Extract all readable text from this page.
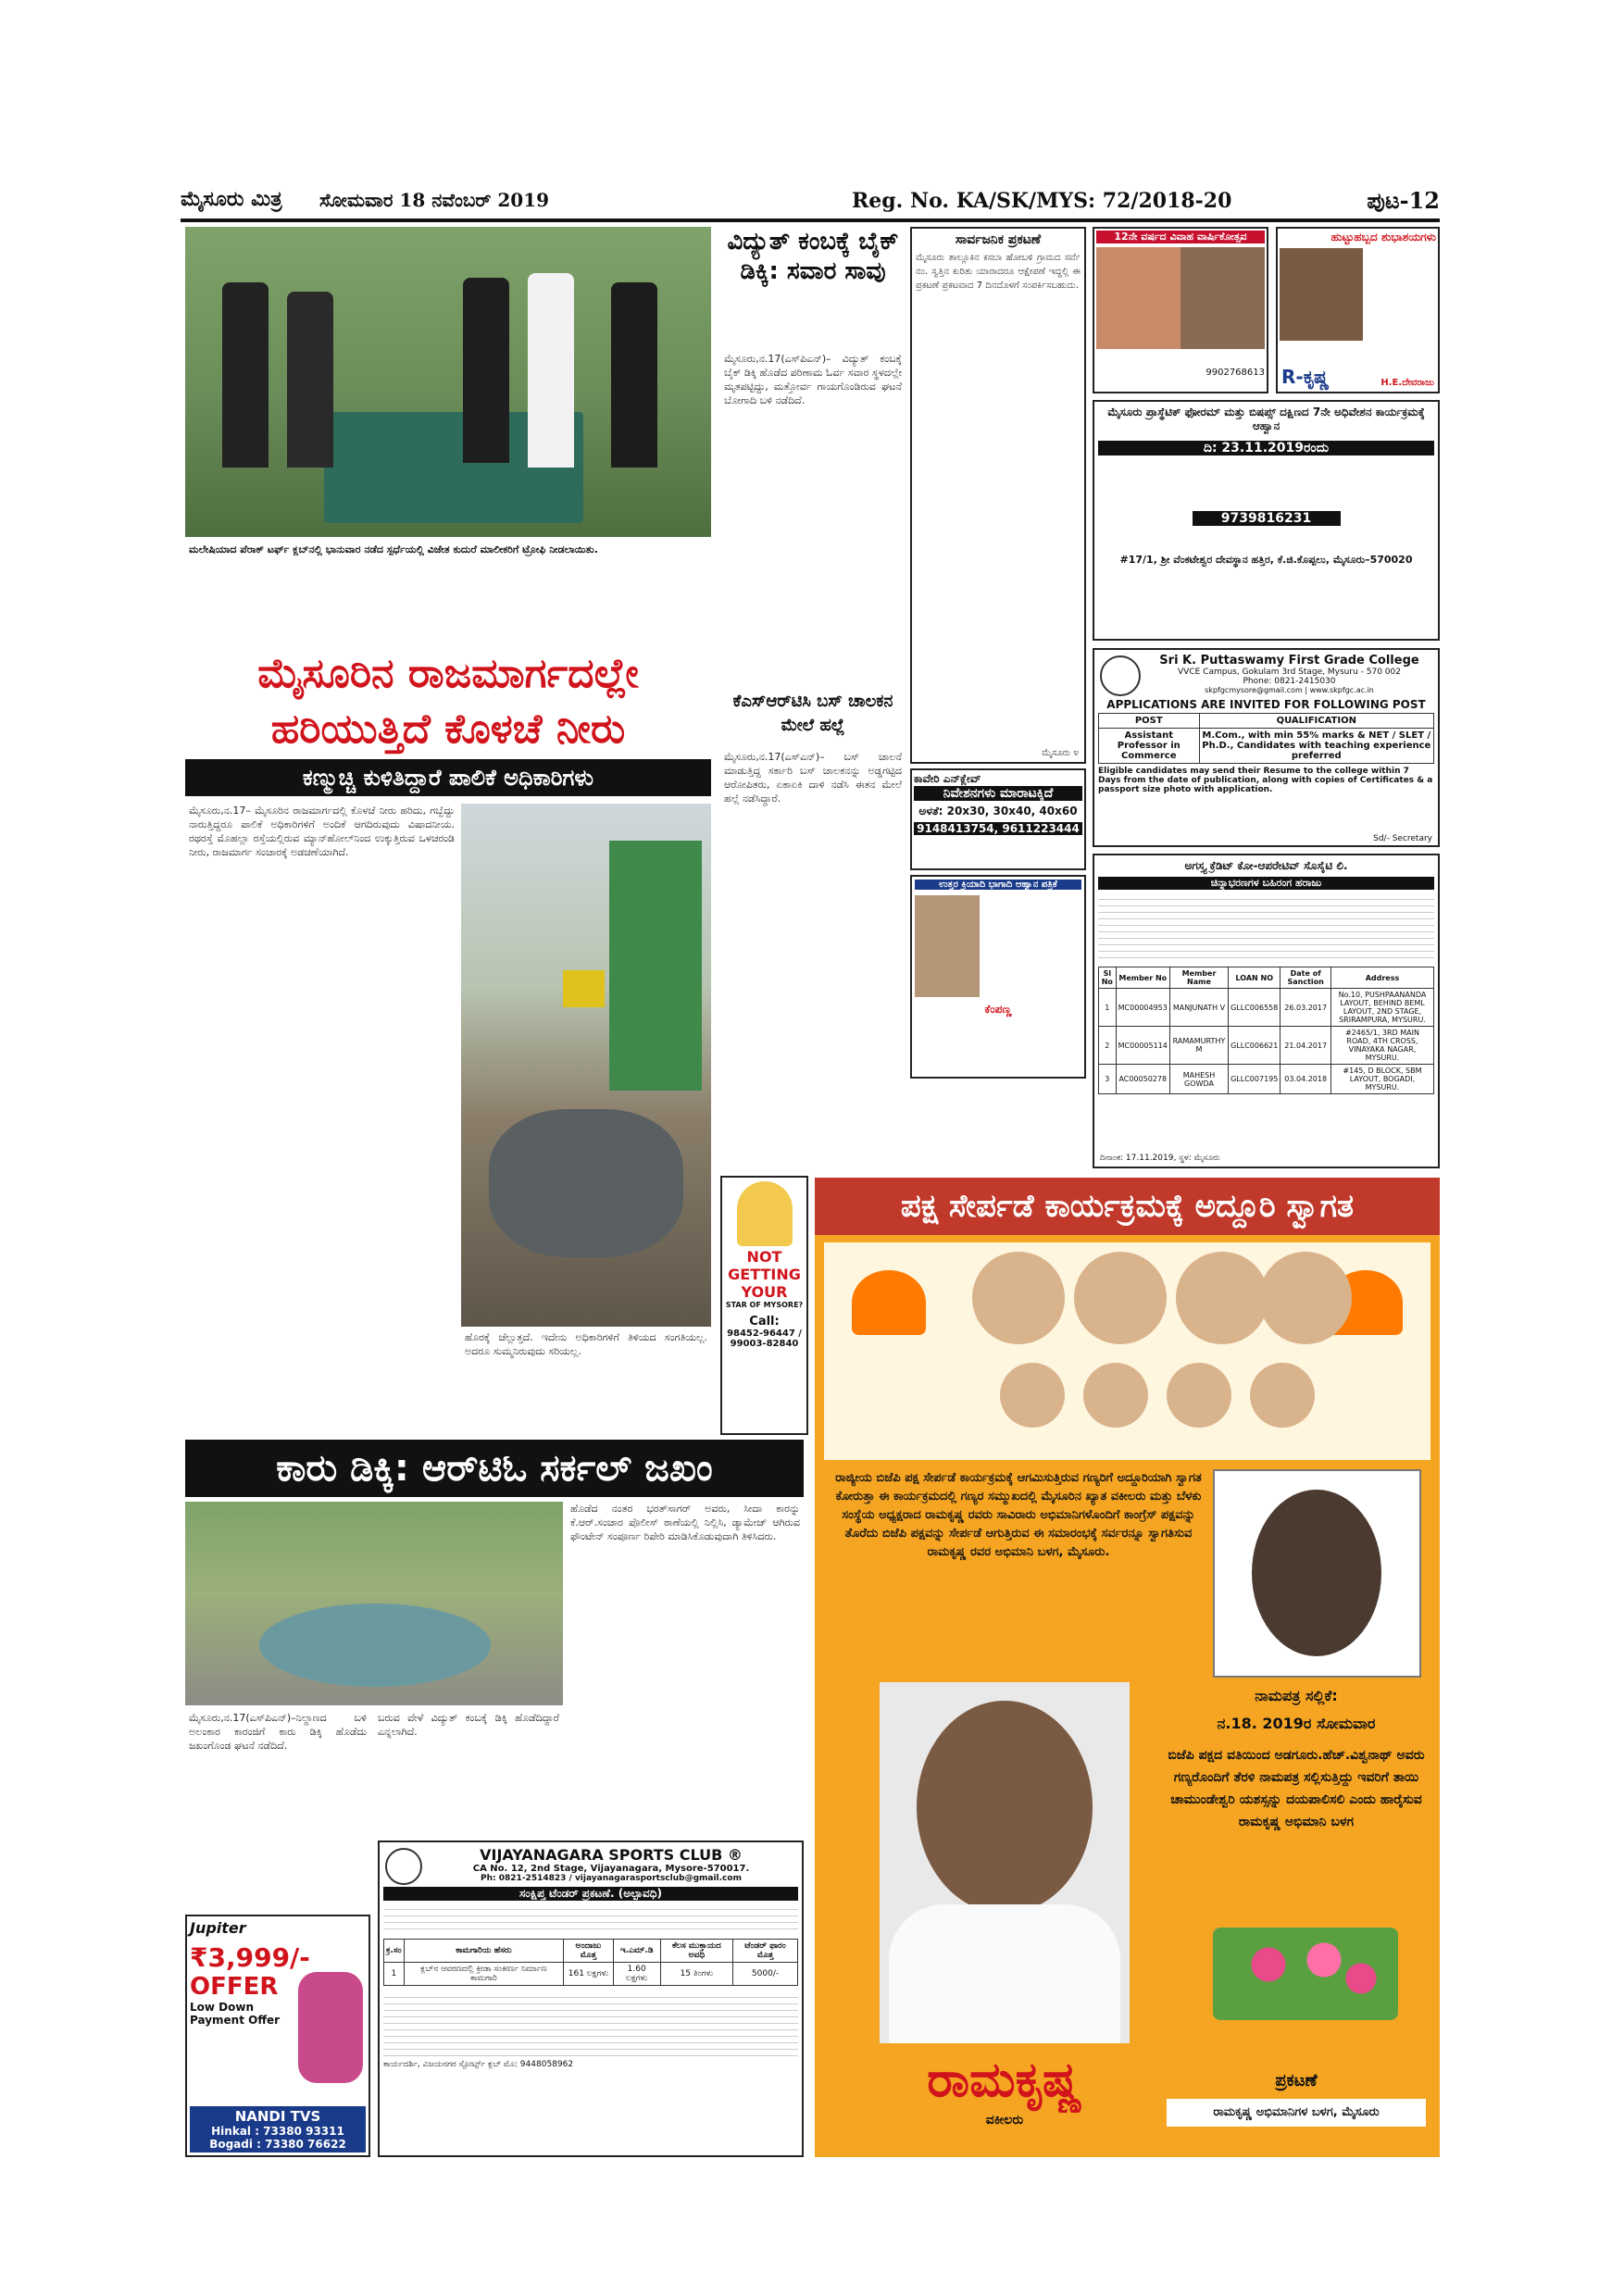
ಮೈಸೂರು ಮಿತ್ರ ಸೋಮವಾರ 18 ನವೆಂಬರ್ 2019	Reg. No. KA/SK/MYS: 72/2018-20	ಪುಟ-12
ಮಲೇಷಿಯಾದ ಪೆರಾಕ್ ಟರ್ಫ್ ಕ್ಲಬ್‌ನಲ್ಲಿ ಭಾನುವಾರ ನಡೆದ ಸ್ಪರ್ಧೆಯಲ್ಲಿ ವಿಜೇತ ಕುದುರೆ ಮಾಲೀಕರಿಗೆ ಟ್ರೋಫಿ ನೀಡಲಾಯಿತು.
ಮೈಸೂರಿನ ರಾಜಮಾರ್ಗದಲ್ಲೇ
ಹರಿಯುತ್ತಿದೆ ಕೊಳಚೆ ನೀರು
ಕಣ್ಮುಚ್ಚಿ ಕುಳಿತಿದ್ದಾರೆ ಪಾಲಿಕೆ ಅಧಿಕಾರಿಗಳು
ಮೈಸೂರು,ನ.17– ಮೈಸೂರಿನ ರಾಜಮಾರ್ಗದಲ್ಲಿ ಕೊಳಚೆ ನೀರು ಹರಿದು, ಗಬ್ಬೆದ್ದು ನಾರುತ್ತಿದ್ದರೂ ಪಾಲಿಕೆ ಅಧಿಕಾರಿಗಳಿಗೆ ಅಂದಿಕೆ ಆಗದಿರುವುದು ವಿಷಾದನೀಯ. ರಥರಸ್ತೆ ಮೊಹಲ್ಲಾ ರಸ್ತೆಯಲ್ಲಿರುವ ಮ್ಯಾನ್‌ಹೋಲ್‌ನಿಂದ ಉಕ್ಕುತ್ತಿರುವ ಒಳಚರಂಡಿ ನೀರು, ರಾಜಮಾರ್ಗ ಸಂಚಾರಕ್ಕೆ ಅಡಚಣೆಯಾಗಿದೆ.
ಹೊರಕ್ಕೆ ಚೆಲ್ಲುತ್ತದೆ. ಇದೇನು ಅಧಿಕಾರಿಗಳಿಗೆ ತಿಳಿಯದ ಸಂಗತಿಯಲ್ಲ. ಅದರೂ ಸುಮ್ಮನಿರುವುದು ಸರಿಯಲ್ಲ.
ವಿದ್ಯುತ್ ಕಂಬಕ್ಕೆ ಬೈಕ್ ಡಿಕ್ಕಿ: ಸವಾರ ಸಾವು
ಮೈಸೂರು,ನ.17(ಎಸ್‌ಪಿಎನ್)– ವಿದ್ಯುತ್ ಕಂಬಕ್ಕೆ ಬೈಕ್ ಡಿಕ್ಕಿ ಹೊಡೆದ ಪರಿಣಾಮ ಓರ್ವ ಸವಾರ ಸ್ಥಳದಲ್ಲೇ ಮೃತಪಟ್ಟಿದ್ದು, ಮತ್ತೋರ್ವ ಗಾಯಗೊಂಡಿರುವ ಘಟನೆ ಬೋಗಾದಿ ಬಳಿ ನಡೆದಿದೆ.
ಕೆಎಸ್‌ಆರ್‌ಟಿಸಿ ಬಸ್ ಚಾಲಕನ ಮೇಲೆ ಹಲ್ಲೆ
ಮೈಸೂರು,ನ.17(ಎಸ್‌ಎನ್)– ಬಸ್ ಚಾಲನೆ ಮಾಡುತ್ತಿದ್ದ ಸರ್ಕಾರಿ ಬಸ್ ಚಾಲಕನನ್ನು ಅಡ್ಡಗಟ್ಟಿದ ಆರೋಪಿತರು, ಏಕಾಏಕಿ ದಾಳಿ ನಡೆಸಿ ಈತನ ಮೇಲೆ ಹಲ್ಲೆ ನಡೆಸಿದ್ದಾರೆ.
ಸಾರ್ವಜನಿಕ ಪ್ರಕಟಣೆ
ಮೈಸೂರು ತಾಲ್ಲೂಕಿನ ಕಸಬಾ ಹೋಬಳಿ ಗ್ರಾಮದ ಸರ್ವೆ ನಂ. ಸ್ವತ್ತಿನ ಕುರಿತು ಯಾರಾದರೂ ಆಕ್ಷೇಪಣೆ ಇದ್ದಲ್ಲಿ ಈ ಪ್ರಕಟಣೆ ಪ್ರಕಟವಾದ 7 ದಿನದೊಳಗೆ ಸಂಪರ್ಕಿಸಬಹುದು.
ಮೈಸೂರು ೪
ಕಾವೇರಿ ಎನ್‌ಕ್ಲೇವ್
ನಿವೇಶನಗಳು ಮಾರಾಟಕ್ಕಿದೆ
ಅಳತೆ: 20x30, 30x40, 40x60
9148413754, 9611223444
ಉತ್ತರ ಕ್ರಿಯಾದಿ ಭಾಗಾದಿ ಆಹ್ವಾನ ಪತ್ರಿಕೆ
ಕೆಂಪಣ್ಣ
12ನೇ ವರ್ಷದ ವಿವಾಹ ವಾರ್ಷಿಕೋತ್ಸವ
9902768613
ಹುಟ್ಟುಹಬ್ಬದ ಶುಭಾಶಯಗಳು
R-ಕೃಷ್ಣ	H.E.ದೇವರಾಜು
ಮೈಸೂರು ಪ್ರಾಸ್ಥೆಟಿಕ್ ಫೋರಮ್ ಮತ್ತು ಬಿಷಪ್ಸ್ ದಕ್ಷಿಣದ 7ನೇ ಅಧಿವೇಶನ ಕಾರ್ಯಕ್ರಮಕ್ಕೆ ಆಹ್ವಾನ
ದಿ: 23.11.2019ರಂದು
9739816231
#17/1, ಶ್ರೀ ವೆಂಕಟೇಶ್ವರ ದೇವಸ್ಥಾನ ಹತ್ತಿರ, ಕೆ.ಜಿ.ಕೊಪ್ಪಲು, ಮೈಸೂರು–570020
Sri K. Puttaswamy First Grade College
VVCE Campus, Gokulam 3rd Stage, Mysuru - 570 002
Phone: 0821-2415030
skpfgcmysore@gmail.com | www.skpfgc.ac.in
APPLICATIONS ARE INVITED FOR FOLLOWING POST
POST	QUALIFICATION
Assistant Professor in Commerce	M.Com., with min 55% marks & NET / SLET / Ph.D., Candidates with teaching experience preferred
Eligible candidates may send their Resume to the college within 7 Days from the date of publication, along with copies of Certificates & a passport size photo with application.
Sd/- Secretary
ಅಗಸ್ತ್ಯ ಕ್ರೆಡಿಟ್ ಕೋ-ಆಪರೇಟಿವ್ ಸೊಸೈಟಿ ಲಿ.
ಚಿನ್ನಾಭರಣಗಳ ಬಹಿರಂಗ ಹರಾಜು
Sl No	Member No	Member Name	LOAN NO	Date of Sanction	Address
1	MC00004953	MANJUNATH V	GLLC006558	26.03.2017	No.10, PUSHPAANANDA LAYOUT, BEHIND BEML LAYOUT, 2ND STAGE, SRIRAMPURA, MYSURU.
2	MC00005114	RAMAMURTHY M	GLLC006621	21.04.2017	#2465/1, 3RD MAIN ROAD, 4TH CROSS, VINAYAKA NAGAR, MYSURU.
3	AC00050278	MAHESH GOWDA	GLLC007195	03.04.2018	#145, D BLOCK, SBM LAYOUT, BOGADI, MYSURU.
ದಿನಾಂಕ: 17.11.2019, ಸ್ಥಳ: ಮೈಸೂರು
NOT
GETTING
YOUR
STAR OF MYSORE?
Call:
98452-96447 /
99003-82840
ಕಾರು ಡಿಕ್ಕಿ: ಆರ್‌ಟಿಓ ಸರ್ಕಲ್ ಜಖಂ
ಹೊಡೆದ ನಂತರ ಭರತ್‌ಸಾಗರ್ ಅವರು, ಸೀದಾ ಕಾರನ್ನು ಕೆ.ಆರ್.ಸಂಚಾರ ಪೊಲೀಸ್ ಠಾಣೆಯಲ್ಲಿ ನಿಲ್ಲಿಸಿ, ಡ್ಯಾಮೇಜ್ ಆಗಿರುವ ಫೌಂಟೇನ್ ಸಂಪೂರ್ಣ ರಿಪೇರಿ ಮಾಡಿಸಿಕೊಡುವುದಾಗಿ ತಿಳಿಸಿದರು.
ಮೈಸೂರು,ನ.17(ಎಸ್‌ಪಿಎನ್)–ನಿಲ್ದಾಣದ ಬಳಿ ಅಲಂಕಾರ ಕಾರಂಜಿಗೆ ಕಾರು ಡಿಕ್ಕಿ ಹೊಡೆದು ಜಖಂಗೊಂಡ ಘಟನೆ ನಡೆದಿದೆ.
ಬರುವ ವೇಳೆ ವಿದ್ಯುತ್ ಕಂಬಕ್ಕೆ ಡಿಕ್ಕಿ ಹೊಡೆದಿದ್ದಾರೆ ಎನ್ನಲಾಗಿದೆ.
Jupiter
₹3,999/-
OFFER
Low Down Payment Offer
NANDI TVS
Hinkal : 73380 93311
Bogadi : 73380 76622
VIJAYANAGARA SPORTS CLUB ®
CA No. 12, 2nd Stage, Vijayanagara, Mysore-570017.
Ph: 0821-2514823 / vijayanagarasportsclub@gmail.com
ಸಂಕ್ಷಿಪ್ತ ಟೆಂಡರ್ ಪ್ರಕಟಣೆ. (ಅಲ್ಪಾವಧಿ)
ಕ್ರ.ಸಂ	ಕಾಮಗಾರಿಯ ಹೆಸರು	ಅಂದಾಜು ಮೊತ್ತ	ಇ.ಎಮ್.ಡಿ	ಕೆಲಸ ಮುಕ್ತಾಯದ ಅವಧಿ	ಟೆಂಡರ್ ಫಾರಂ ಮೊತ್ತ
1	ಕ್ಲಬ್‌ನ ಆವರಣದಲ್ಲಿ ಕ್ರೀಡಾ ಸಂಕೀರ್ಣ ನಿರ್ಮಾಣ ಕಾಮಗಾರಿ	161 ಲಕ್ಷಗಳು	1.60 ಲಕ್ಷಗಳು	15 ತಿಂಗಳು	5000/-
ಕಾರ್ಯದರ್ಶಿ, ವಿಜಯನಗರ ಸ್ಪೋರ್ಟ್ಸ್ ಕ್ಲಬ್ ಮೊ: 9448058962
ಪಕ್ಷ ಸೇರ್ಪಡೆ ಕಾರ್ಯಕ್ರಮಕ್ಕೆ ಅದ್ದೂರಿ ಸ್ವಾಗತ
ರಾಜ್ಯೀಯ ಬಿಜೆಪಿ ಪಕ್ಷ ಸೇರ್ಪಡೆ ಕಾರ್ಯಕ್ರಮಕ್ಕೆ ಆಗಮಿಸುತ್ತಿರುವ ಗಣ್ಯರಿಗೆ ಅದ್ದೂರಿಯಾಗಿ ಸ್ವಾಗತ ಕೋರುತ್ತಾ ಈ ಕಾರ್ಯಕ್ರಮದಲ್ಲಿ ಗಣ್ಯರ ಸಮ್ಮುಖದಲ್ಲಿ ಮೈಸೂರಿನ ಖ್ಯಾತ ವಕೀಲರು ಮತ್ತು ಬೆಳಕು ಸಂಸ್ಥೆಯ ಅಧ್ಯಕ್ಷರಾದ ರಾಮಕೃಷ್ಣ ರವರು ಸಾವಿರಾರು ಅಭಿಮಾನಿಗಳೊಂದಿಗೆ ಕಾಂಗ್ರೆಸ್ ಪಕ್ಷವನ್ನು ತೊರೆದು ಬಿಜೆಪಿ ಪಕ್ಷವನ್ನು ಸೇರ್ಪಡೆ ಆಗುತ್ತಿರುವ ಈ ಸಮಾರಂಭಕ್ಕೆ ಸರ್ವರನ್ನೂ ಸ್ವಾಗತಿಸುವ ರಾಮಕೃಷ್ಣ ರವರ ಅಭಿಮಾನಿ ಬಳಗ, ಮೈಸೂರು.
ನಾಮಪತ್ರ ಸಲ್ಲಿಕೆ:
ನ.18. 2019ರ ಸೋಮವಾರ
ಬಿಜೆಪಿ ಪಕ್ಷದ ವತಿಯಿಂದ ಅಡಗೂರು.ಹೆಚ್.ವಿಶ್ವನಾಥ್ ಅವರು ಗಣ್ಯರೊಂದಿಗೆ ತೆರಳಿ ನಾಮಪತ್ರ ಸಲ್ಲಿಸುತ್ತಿದ್ದು ಇವರಿಗೆ ತಾಯಿ ಚಾಮುಂಡೇಶ್ವರಿ ಯಶಸ್ಸನ್ನು ದಯಪಾಲಿಸಲಿ ಎಂದು ಹಾರೈಸುವ ರಾಮಕೃಷ್ಣ ಅಭಿಮಾನಿ ಬಳಗ
ರಾಮಕೃಷ್ಣ
ವಕೀಲರು
ಪ್ರಕಟಣೆ
ರಾಮಕೃಷ್ಣ ಅಭಿಮಾನಿಗಳ ಬಳಗ, ಮೈಸೂರು
